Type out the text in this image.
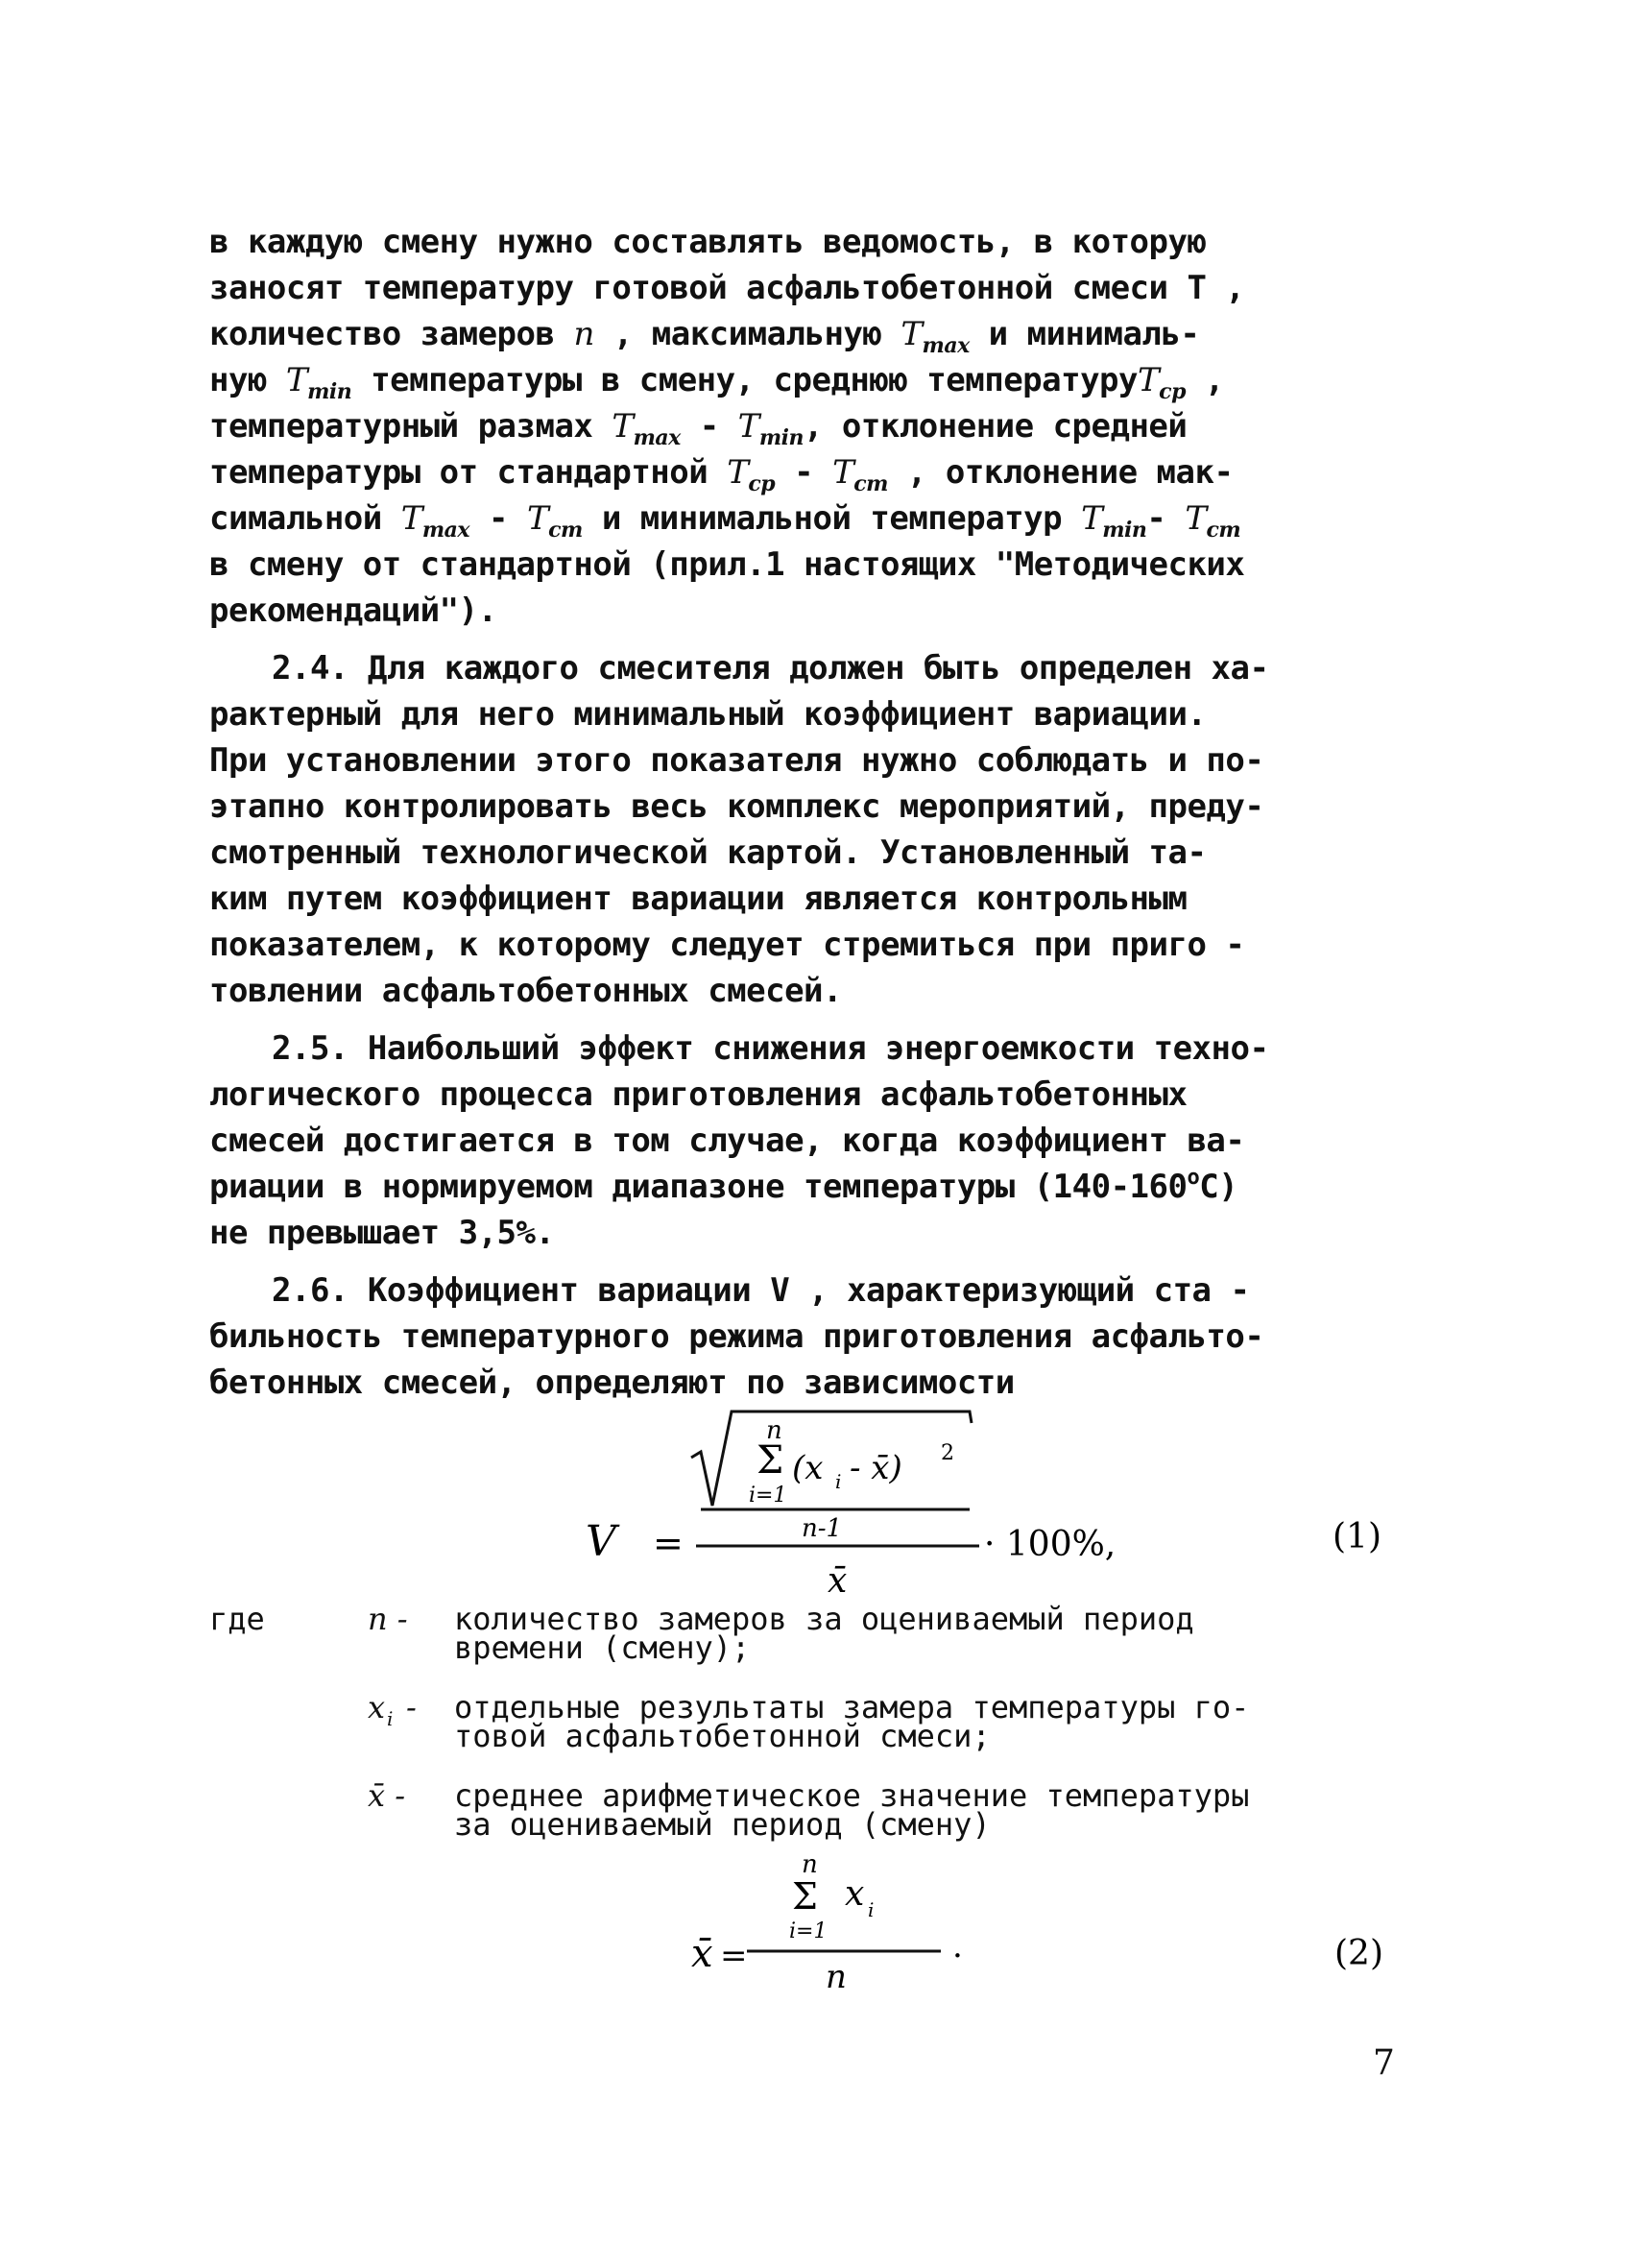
в каждую смену нужно составлять ведомость, в которую
заносят температуру готовой асфальтобетонной смеси T ,
количество замеров n , максимальную $T_{max}$ и минималь-
ную $T_{min}$ температуры в смену, среднюю температуруT$_{ср}$ ,
температурный размах $T_{max} - T_{min}$, отклонение средней
температуры от стандартной $T_{ср} - T_{ст}$ , отклонение мак-
симальной $T_{max} - T_{ст}$ и минимальной температур $T_{min}-$ $T_{ст}$
в смену от стандартной (прил.1 настоящих "Методических
рекомендаций").
2.4. Для каждого смесителя должен быть определен ха-
рактерный для него минимальный коэффициент вариации.
При установлении этого показателя нужно соблюдать и по-
этапно контролировать весь комплекс мероприятий, преду-
смотренный технологической картой. Установленный та-
ким путем коэффициент вариации является контрольным
показателем, к которому следует стремиться при приго -
товлении асфальтобетонных смесей.
2.5. Наибольший эффект снижения энергоемкости техно-
логического процесса приготовления асфальтобетонных
смесей достигается в том случае, когда коэффициент ва-
риации в нормируемом диапазоне температуры $(140-160^оС)$
не превышает 3,5%.
2.6. Коэффициент вариации V , характеризующий ста -
бильность температурного режима приготовления асфальто-
бетонных смесей, определяют по зависимости
V =
n
Σ
i=1
(x i - x̄) 2
n-1
x̄
· 100%,	(1)
где	n - количество замеров за оцениваемый период
времени (смену);
x i - отдельные результаты замера температуры го-
товой асфальтобетонной смеси;
x̄ - среднее арифметическое значение температуры
за оцениваемый период (смену)
x̄ =
n
Σ
i=1
x i
n
.	(2)
7
